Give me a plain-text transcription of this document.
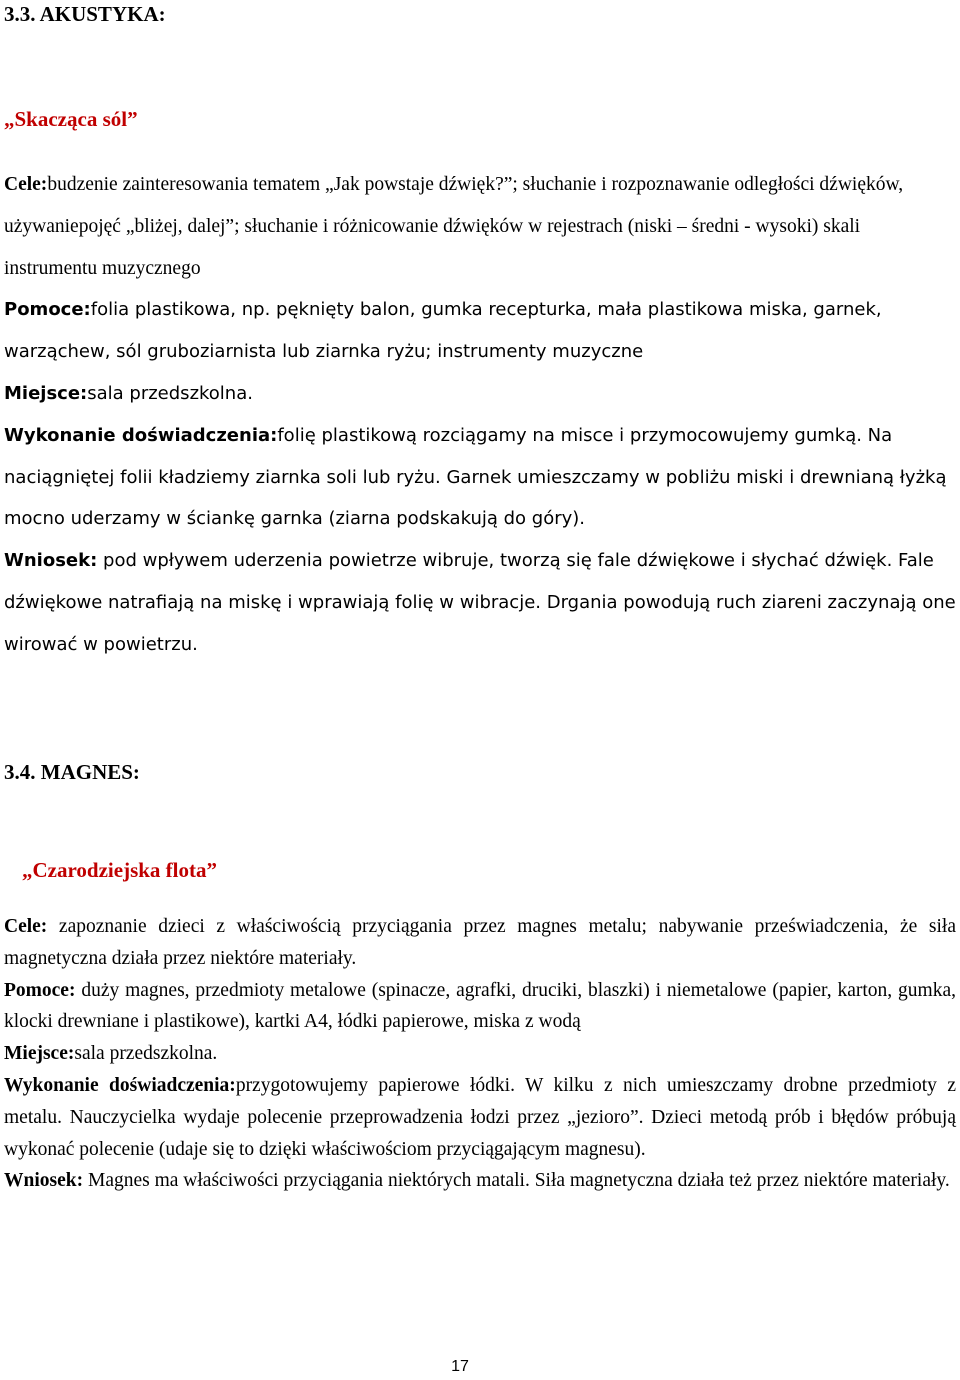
3.3. AKUSTYKA:
„Skacząca sól”

Cele:budzenie zainteresowania tematem „Jak powstaje dźwięk?”; słuchanie i rozpoznawanie odległości dźwięków, używaniepojęć „bliżej, dalej”; słuchanie i różnicowanie dźwięków w rejestrach (niski – średni - wysoki) skali instrumentu muzycznego

Pomoce:folia plastikowa, np. pęknięty balon, gumka recepturka, mała plastikowa miska, garnek, warząchew, sól gruboziarnista lub ziarnka ryżu; instrumenty muzyczne

Miejsce:sala przedszkolna.

Wykonanie doświadczenia:folię plastikową rozciągamy na misce i przymocowujemy gumką. Na naciągniętej folii kładziemy ziarnka soli lub ryżu. Garnek umieszczamy w pobliżu miski i drewnianą łyżką mocno uderzamy w ściankę garnka (ziarna podskakują do góry).

Wniosek: pod wpływem uderzenia powietrze wibruje, tworzą się fale dźwiękowe i słychać dźwięk. Fale dźwiękowe natrafiają na miskę i wprawiają folię w wibracje. Drgania powodują ruch ziareni zaczynają one wirować w powietrzu.

3.4. MAGNES:
„Czarodziejska flota”

Cele: zapoznanie dzieci z właściwością przyciągania przez magnes metalu; nabywanie przeświadczenia, że siła magnetyczna działa przez niektóre materiały.

Pomoce: duży magnes, przedmioty metalowe (spinacze, agrafki, druciki, blaszki) i niemetalowe (papier, karton, gumka, klocki drewniane i plastikowe), kartki A4, łódki papierowe, miska z wodą

Miejsce:sala przedszkolna.

Wykonanie doświadczenia:przygotowujemy papierowe łódki. W kilku z nich umieszczamy drobne przedmioty z metalu. Nauczycielka wydaje polecenie przeprowadzenia łodzi przez „jezioro”. Dzieci metodą prób i błędów próbują wykonać polecenie (udaje się to dzięki właściwościom przyciągającym magnesu).

Wniosek: Magnes ma właściwości przyciągania niektórych matali. Siła magnetyczna działa też przez niektóre materiały.

17
